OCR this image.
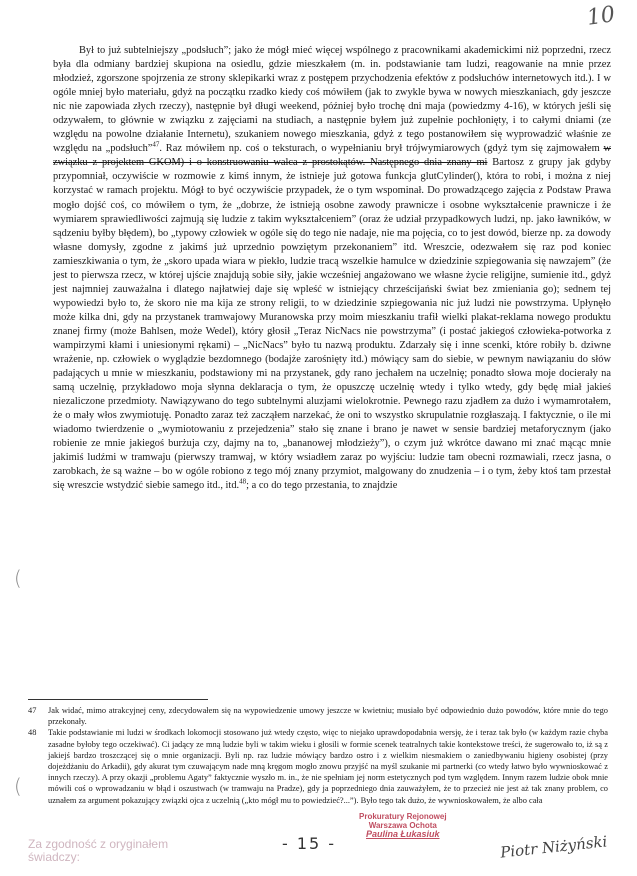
10
Był to już subtelniejszy „podsłuch”; jako że mógł mieć więcej wspólnego z pracownikami akademickimi niż poprzedni, rzecz była dla odmiany bardziej skupiona na osiedlu, gdzie mieszkałem (m. in. podstawianie tam ludzi, reagowanie na mnie przez młodzież, zgorszone spojrzenia ze strony sklepikarki wraz z postępem przychodzenia efektów z podsłuchów internetowych itd.). I w ogóle mniej było materiału, gdyż na początku rzadko kiedy coś mówiłem (jak to zwykle bywa w nowych mieszkaniach, gdy jeszcze nic nie zapowiada złych rzeczy), następnie był długi weekend, później było trochę dni maja (powiedzmy 4-16), w których jeśli się odzywałem, to głównie w związku z zajęciami na studiach, a następnie byłem już zupełnie pochłonięty, i to całymi dniami (ze względu na powolne działanie Internetu), szukaniem nowego mieszkania, gdyż z tego postanowiłem się wyprowadzić właśnie ze względu na „podsłuch”$^{47}$. Raz mówiłem np. coś o teksturach, o wypełnianiu brył trójwymiarowych (gdyż tym się zajmowałem w związku z projektem GKOM) i o konstruowaniu walca z prostokątów. Następnego dnia znany mi Bartosz z grupy jak gdyby przypomniał, oczywiście w rozmowie z kimś innym, że istnieje już gotowa funkcja glutCylinder(), która to robi, i można z niej korzystać w ramach projektu. Mógł to być oczywiście przypadek, że o tym wspominał. Do prowadzącego zajęcia z Podstaw Prawa mogło dojść coś, co mówiłem o tym, że „dobrze, że istnieją osobne zawody prawnicze i osobne wykształcenie prawnicze i że wymiarem sprawiedliwości zajmują się ludzie z takim wykształceniem” (oraz że udział przypadkowych ludzi, np. jako ławników, w sądzeniu byłby błędem), bo „typowy człowiek w ogóle się do tego nie nadaje, nie ma pojęcia, co to jest dowód, bierze np. za dowody własne domysły, zgodne z jakimś już uprzednio powziętym przekonaniem” itd. Wreszcie, odezwałem się raz pod koniec zamieszkiwania o tym, że „skoro upada wiara w piekło, ludzie tracą wszelkie hamulce w dziedzinie szpiegowania się nawzajem” (że jest to pierwsza rzecz, w której ujście znajdują sobie siły, jakie wcześniej angażowano we własne życie religijne, sumienie itd., gdyż jest najmniej zauważalna i dlatego najłatwiej daje się wpleść w istniejący chrześcijański świat bez zmieniania go); sednem tej wypowiedzi było to, że skoro nie ma kija ze strony religii, to w dziedzinie szpiegowania nic już ludzi nie powstrzyma. Upłynęło może kilka dni, gdy na przystanek tramwajowy Muranowska przy moim mieszkaniu trafił wielki plakat-reklama nowego produktu znanej firmy (może Bahlsen, może Wedel), który głosił „Teraz NicNacs nie powstrzyma” (i postać jakiegoś człowieka-potworka z wampirzymi kłami i uniesionymi rękami) – „NicNacs” było tu nazwą produktu. Zdarzały się i inne scenki, które robiły b. dziwne wrażenie, np. człowiek o wyglądzie bezdomnego (bodajże zarośnięty itd.) mówiący sam do siebie, w pewnym nawiązaniu do słów padających u mnie w mieszkaniu, podstawiony mi na przystanek, gdy rano jechałem na uczelnię; ponadto słowa moje docierały na samą uczelnię, przykładowo moja słynna deklaracja o tym, że opuszczę uczelnię wtedy i tylko wtedy, gdy będę miał jakieś niezaliczone przedmioty. Nawiązywano do tego subtelnymi aluzjami wielokrotnie. Pewnego razu zjadłem za dużo i wymamrotałem, że o mały włos zwymiotuję. Ponadto zaraz też zacząłem narzekać, że oni to wszystko skrupulatnie rozgłaszają. I faktycznie, o ile mi wiadomo twierdzenie o „wymiotowaniu z przejedzenia” stało się znane i brano je nawet w sensie bardziej metaforycznym (jako robienie ze mnie jakiegoś burżuja czy, dajmy na to, „bananowej młodzieży”), o czym już wkrótce dawano mi znać mącąc mnie jakimiś ludźmi w tramwaju (pierwszy tramwaj, w który wsiadłem zaraz po wyjściu: ludzie tam obecni rozmawiali, rzecz jasna, o zarobkach, że są ważne – bo w ogóle robiono z tego mój znany przymiot, malgowany do znudzenia – i o tym, żeby ktoś tam przestał się wreszcie wstydzić siebie samego itd., itd.$^{48}$; a co do tego przestania, to znajdzie
(
(
47	Jak widać, mimo atrakcyjnej ceny, zdecydowałem się na wypowiedzenie umowy jeszcze w kwietniu; musiało być odpowiednio dużo powodów, które mnie do tego przekonały.
48	Takie podstawianie mi ludzi w środkach lokomocji stosowano już wtedy często, więc to niejako uprawdopodabnia wersję, że i teraz tak było (w każdym razie chyba zasadne byłoby tego oczekiwać). Ci jadący ze mną ludzie byli w takim wieku i głosili w formie scenek teatralnych takie kontekstowe treści, że sugerowało to, iż są z jakiejś bardzo troszczącej się o mnie organizacji. Byli np. raz ludzie mówiący bardzo ostro i z wielkim niesmakiem o zaniedbywaniu higieny osobistej (przy dojeżdżaniu do Arkadii), gdy akurat tym czuwającym nade mną kręgom mogło znowu przyjść na myśl szukanie mi partnerki (co wtedy łatwo było wywnioskować z innych rzeczy). A przy okazji „problemu Agaty” faktycznie wyszło m. in., że nie spełniam jej norm estetycznych pod tym względem. Innym razem ludzie obok mnie mówili coś o wprowadzaniu w błąd i oszustwach (w tramwaju na Pradze), gdy ja poprzedniego dnia zauważyłem, że to przecież nie jest aż tak znany problem, co uznałem za argument pokazujący związki ojca z uczelnią („kto mógł mu to powiedzieć?...”). Było tego tak dużo, że wywnioskowałem, że albo cała
Za zgodność z oryginałem
świadczy:
- 15 -
Prokuratury Rejonowej
Warszawa Ochota
Paulina Łukasiuk	Piotr Niżyński
